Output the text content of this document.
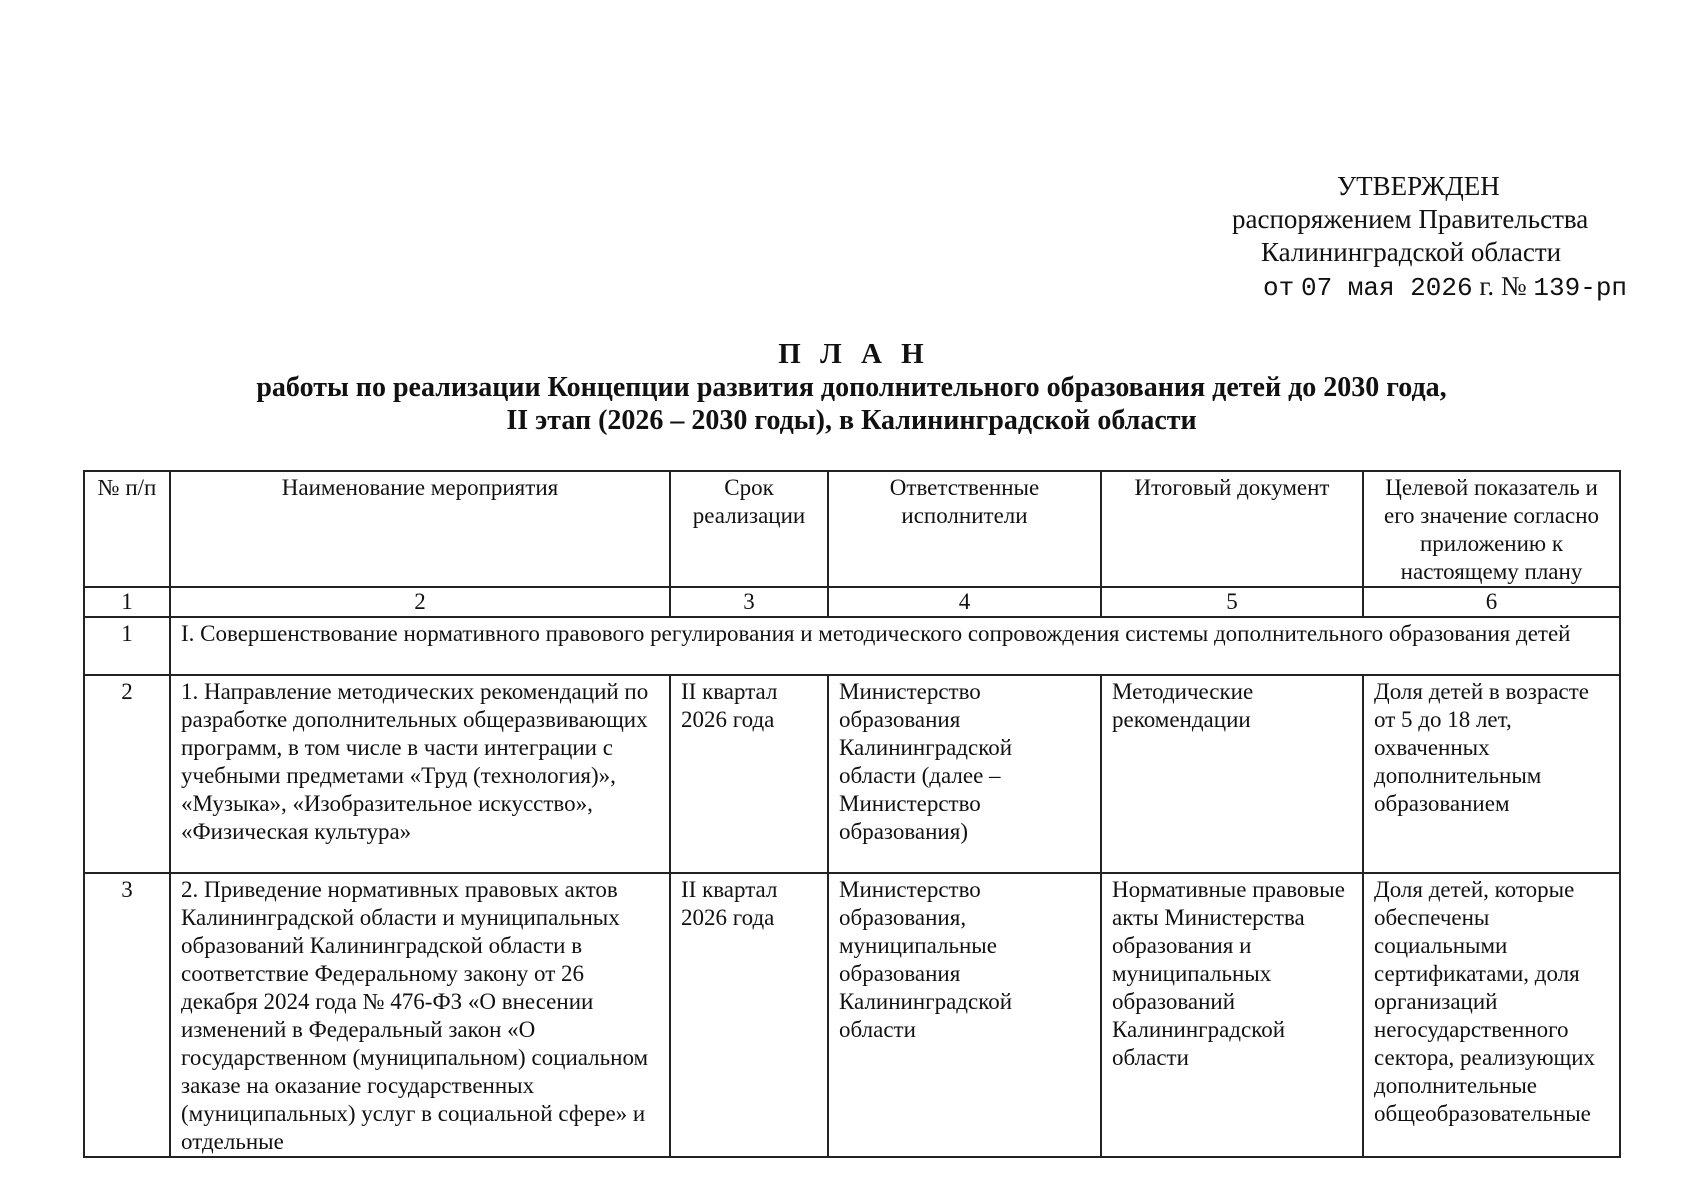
УТВЕРЖДЕН
распоряжением Правительства
Калининградской области
от 07 мая 2026 г. № 139-рп
П Л А Н
работы по реализации Концепции развития дополнительного образования детей до 2030 года,
II этап (2026 – 2030 годы), в Калининградской области
№ п/п	Наименование мероприятия	Срок реализации	Ответственные исполнители	Итоговый документ	Целевой показатель и его значение согласно приложению к настоящему плану
1	2	3	4	5	6
1	I. Совершенствование нормативного правового регулирования и методического сопровождения системы дополнительного образования детей				
2	1. Направление методических рекомендаций по разработке дополнительных общеразвивающих программ, в том числе в части интеграции с учебными предметами «Труд (технология)», «Музыка», «Изобразительное искусство», «Физическая культура»	II квартал 2026 года	Министерство образования Калининградской области (далее – Министерство образования)	Методические рекомендации	Доля детей в возрасте от 5 до 18 лет, охваченных дополнительным образованием
3	2. Приведение нормативных правовых актов Калининградской области и муниципальных образований Калининградской области в соответствие Федеральному закону от 26 декабря 2024 года № 476-ФЗ «О внесении изменений в Федеральный закон «О государственном (муниципальном) социальном заказе на оказание государственных (муниципальных) услуг в социальной сфере» и отдельные	II квартал 2026 года	Министерство образования, муниципальные образования Калининградской области	Нормативные правовые акты Министерства образования и муниципальных образований Калининградской области	Доля детей, которые обеспечены социальными сертификатами, доля организаций негосударственного сектора, реализующих дополнительные общеобразовательные
